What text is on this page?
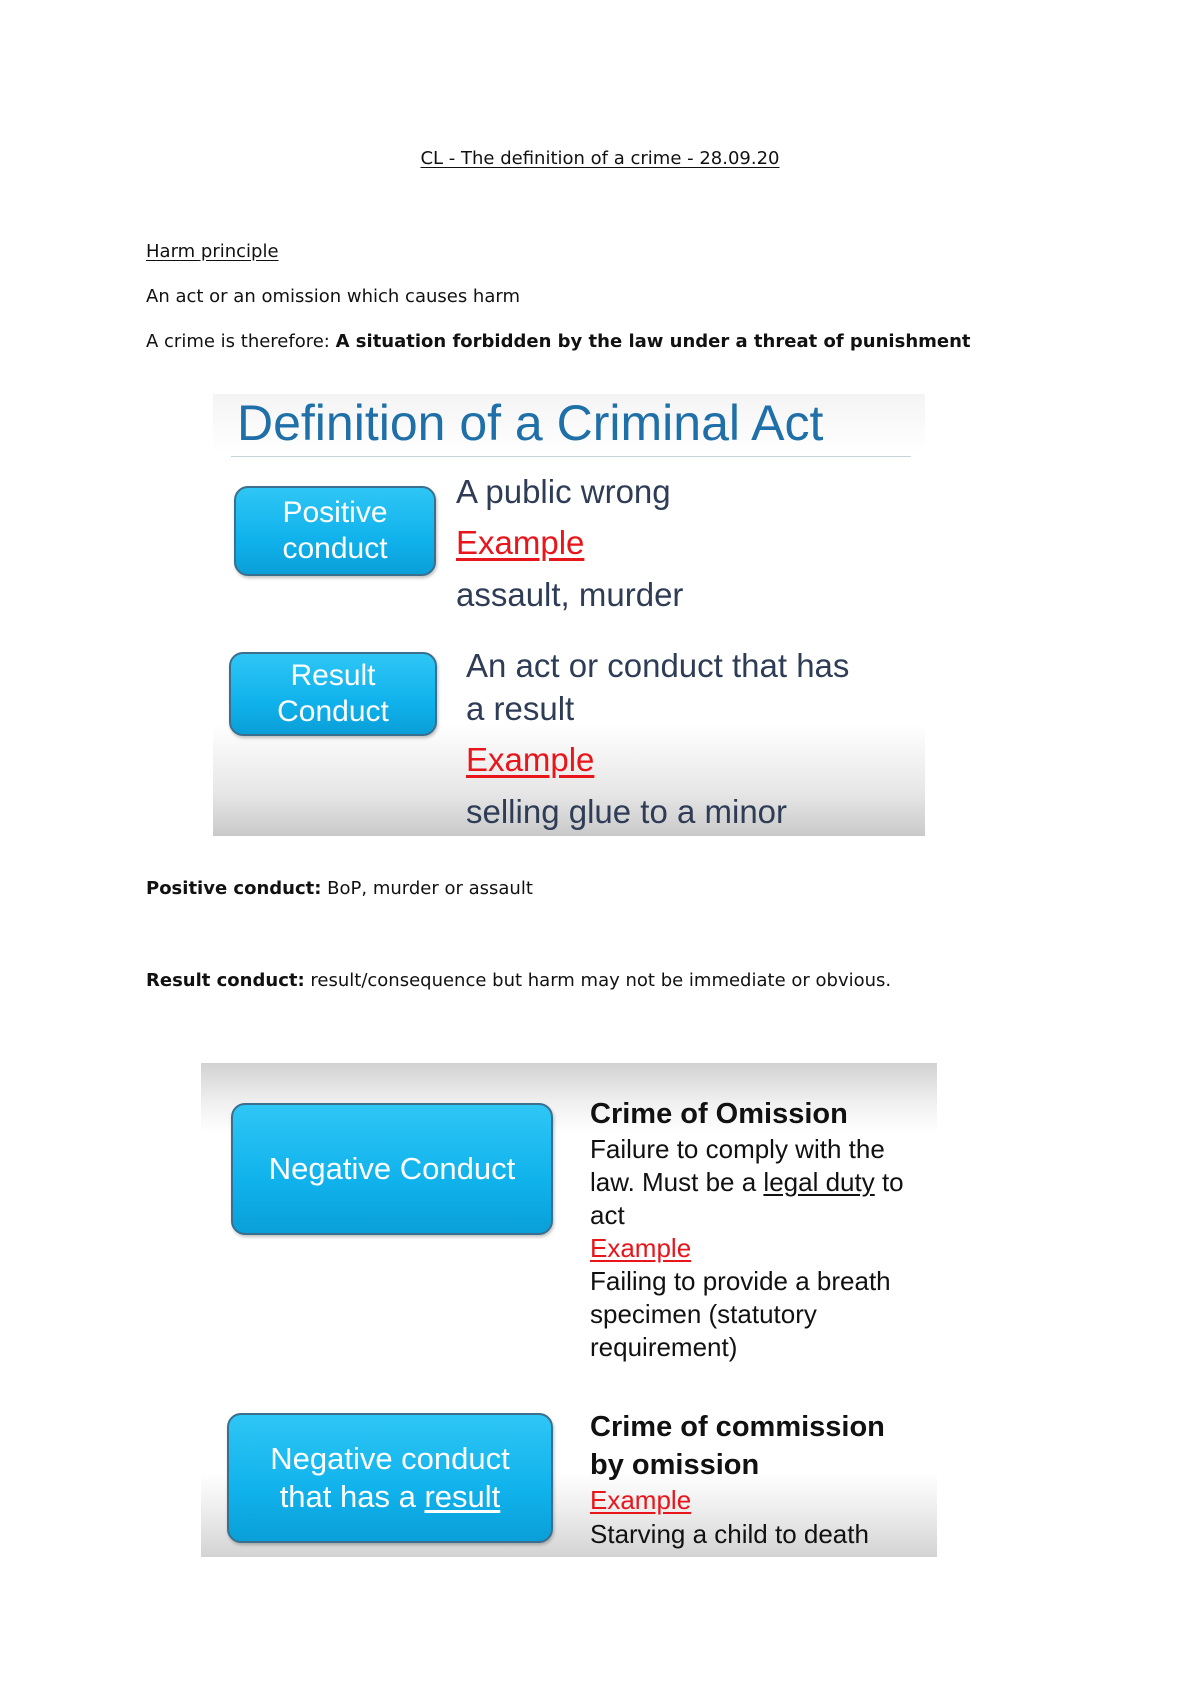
CL - The definition of a crime - 28.09.20
Harm principle
An act or an omission which causes harm
A crime is therefore: A situation forbidden by the law under a threat of punishment
Definition of a Criminal Act
Positive
conduct
A public wrong
Example
assault, murder
Result
Conduct
An act or conduct that has
a result
Example
selling glue to a minor
Positive conduct: BoP, murder or assault
Result conduct: result/consequence but harm may not be immediate or obvious.
Negative Conduct
Crime of Omission
Failure to comply with the
law. Must be a legal duty to
act
Example
Failing to provide a breath
specimen (statutory
requirement)
Negative conduct
that has a result
Crime of commission
by omission
Example
Starving a child to death
